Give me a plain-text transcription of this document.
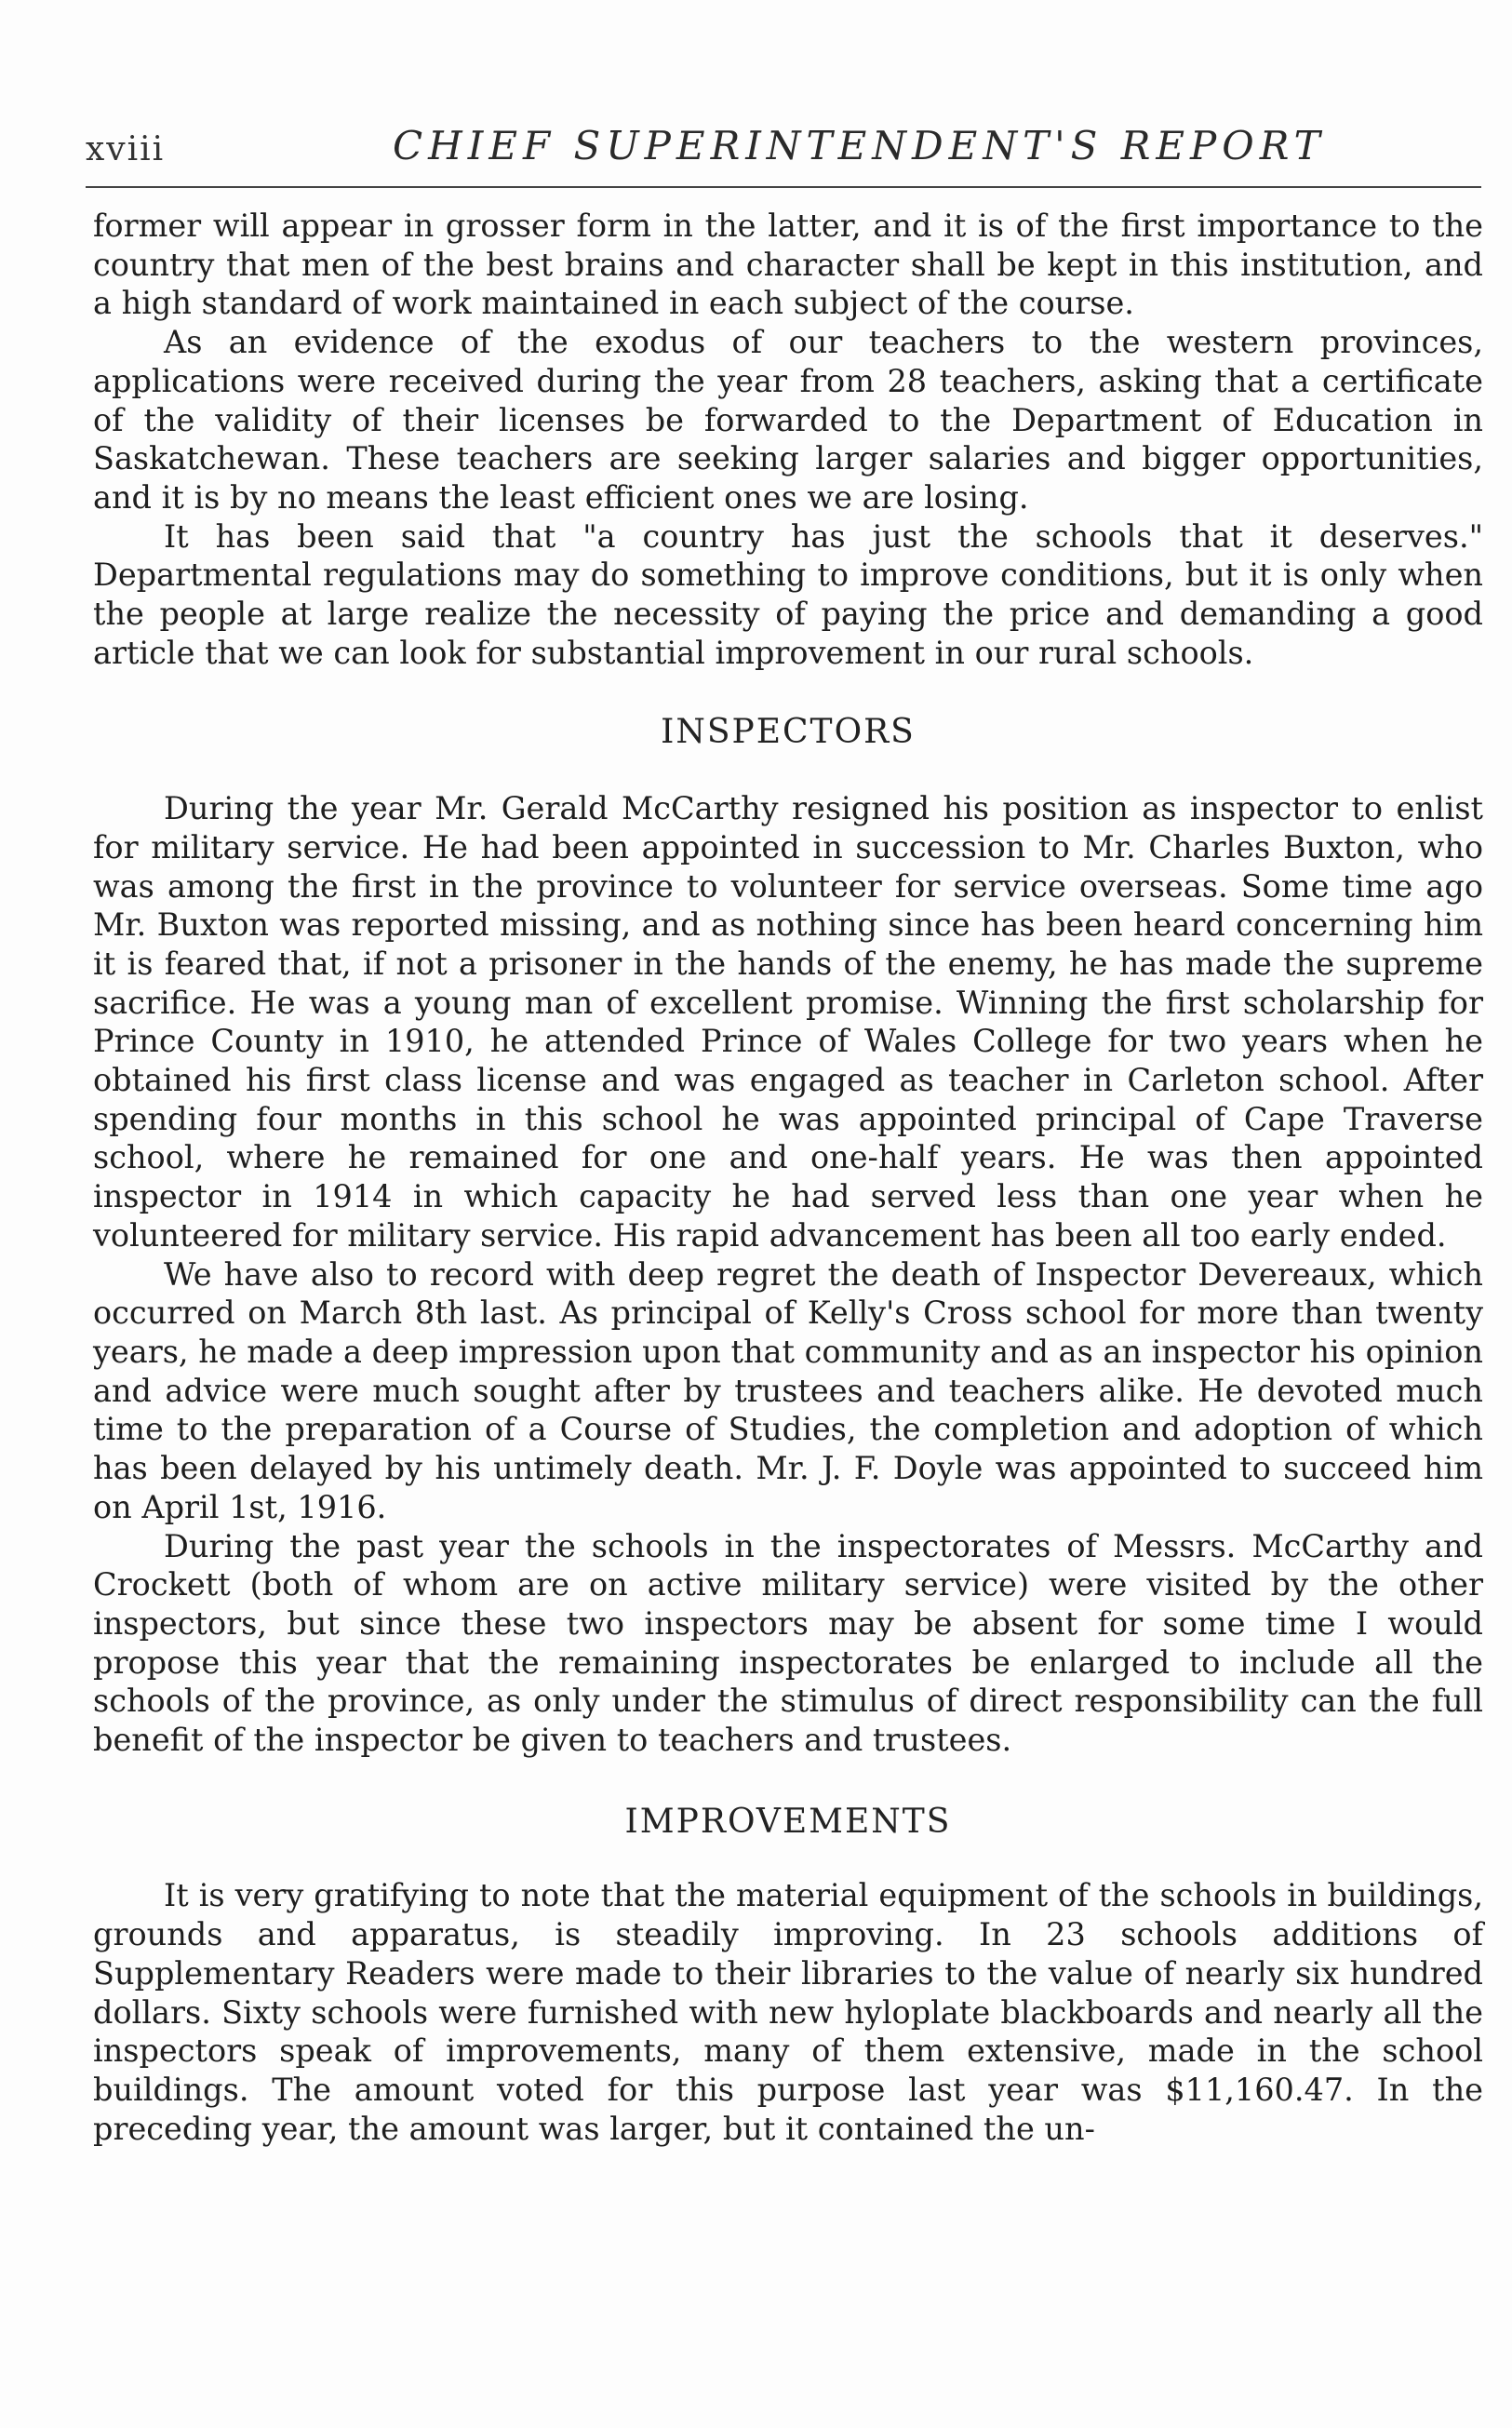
xviii	CHIEF SUPERINTENDENT'S REPORT

former will appear in grosser form in the latter, and it is of the first importance to the country that men of the best brains and character shall be kept in this institution, and a high standard of work maintained in each subject of the course.

As an evidence of the exodus of our teachers to the western provinces, applications were received during the year from 28 teachers, asking that a certificate of the validity of their licenses be forwarded to the Department of Education in Saskatchewan. These teachers are seeking larger salaries and bigger opportunities, and it is by no means the least efficient ones we are losing.

It has been said that "a country has just the schools that it deserves." Departmental regulations may do something to improve conditions, but it is only when the people at large realize the necessity of paying the price and demanding a good article that we can look for substantial improvement in our rural schools.

INSPECTORS

During the year Mr. Gerald McCarthy resigned his position as inspector to enlist for military service. He had been appointed in succession to Mr. Charles Buxton, who was among the first in the province to volunteer for service overseas. Some time ago Mr. Buxton was reported missing, and as nothing since has been heard concerning him it is feared that, if not a prisoner in the hands of the enemy, he has made the supreme sacrifice. He was a young man of excellent promise. Winning the first scholarship for Prince County in 1910, he attended Prince of Wales College for two years when he obtained his first class license and was engaged as teacher in Carleton school. After spending four months in this school he was appointed principal of Cape Traverse school, where he remained for one and one-half years. He was then appointed inspector in 1914 in which capacity he had served less than one year when he volunteered for military service. His rapid advancement has been all too early ended.

We have also to record with deep regret the death of Inspector Devereaux, which occurred on March 8th last. As principal of Kelly's Cross school for more than twenty years, he made a deep impression upon that community and as an inspector his opinion and advice were much sought after by trustees and teachers alike. He devoted much time to the preparation of a Course of Studies, the completion and adoption of which has been delayed by his untimely death. Mr. J. F. Doyle was appointed to succeed him on April 1st, 1916.

During the past year the schools in the inspectorates of Messrs. McCarthy and Crockett (both of whom are on active military service) were visited by the other inspectors, but since these two inspectors may be absent for some time I would propose this year that the remaining inspectorates be enlarged to include all the schools of the province, as only under the stimulus of direct responsibility can the full benefit of the inspector be given to teachers and trustees.

IMPROVEMENTS

It is very gratifying to note that the material equipment of the schools in buildings, grounds and apparatus, is steadily improving. In 23 schools additions of Supplementary Readers were made to their libraries to the value of nearly six hundred dollars. Sixty schools were furnished with new hyloplate blackboards and nearly all the inspectors speak of improvements, many of them extensive, made in the school buildings. The amount voted for this purpose last year was $11,160.47. In the preceding year, the amount was larger, but it contained the un-
